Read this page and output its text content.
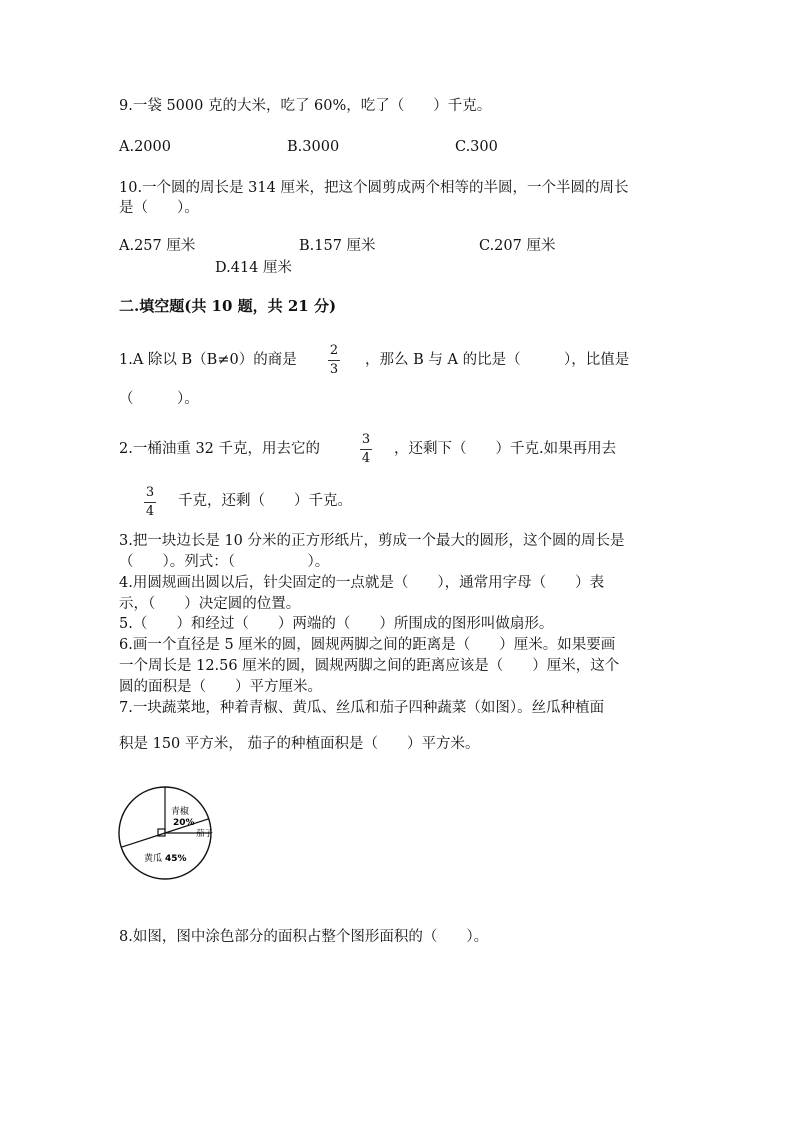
9.一袋 5000 克的大米，吃了 60%，吃了（　　）千克。
A.2000	B.3000	C.300
10.一个圆的周长是 314 厘米，把这个圆剪成两个相等的半圆，一个半圆的周长
是（　　）。
A.257 厘米	B.157 厘米	C.207 厘米
D.414 厘米
二.填空题(共 10 题，共 21 分)
1.A 除以 B（B≠0）的商是
2
3
，那么 B 与 A 的比是（　　　），比值是
（　　　）。
2.一桶油重 32 千克，用去它的
3
4
，还剩下（　　）千克.如果再用去
3
4
千克，还剩（　　）千克。
3.把一块边长是 10 分米的正方形纸片，剪成一个最大的圆形，这个圆的周长是
（　　）。列式：（　　　　　）。
4.用圆规画出圆以后，针尖固定的一点就是（　　），通常用字母（　　）表
示，（　　）决定圆的位置。
5.（　　）和经过（　　）两端的（　　）所围成的图形叫做扇形。
6.画一个直径是 5 厘米的圆，圆规两脚之间的距离是（　　）厘米。如果要画
一个周长是 12.56 厘米的圆，圆规两脚之间的距离应该是（　　）厘米，这个
圆的面积是（　　）平方厘米。
7.一块蔬菜地，种着青椒、黄瓜、丝瓜和茄子四种蔬菜（如图）。丝瓜种植面
积是 150 平方米， 茄子的种植面积是（　　）平方米。
青椒
20%
茄子
黄瓜 45%
8.如图，图中涂色部分的面积占整个图形面积的（　　）。
